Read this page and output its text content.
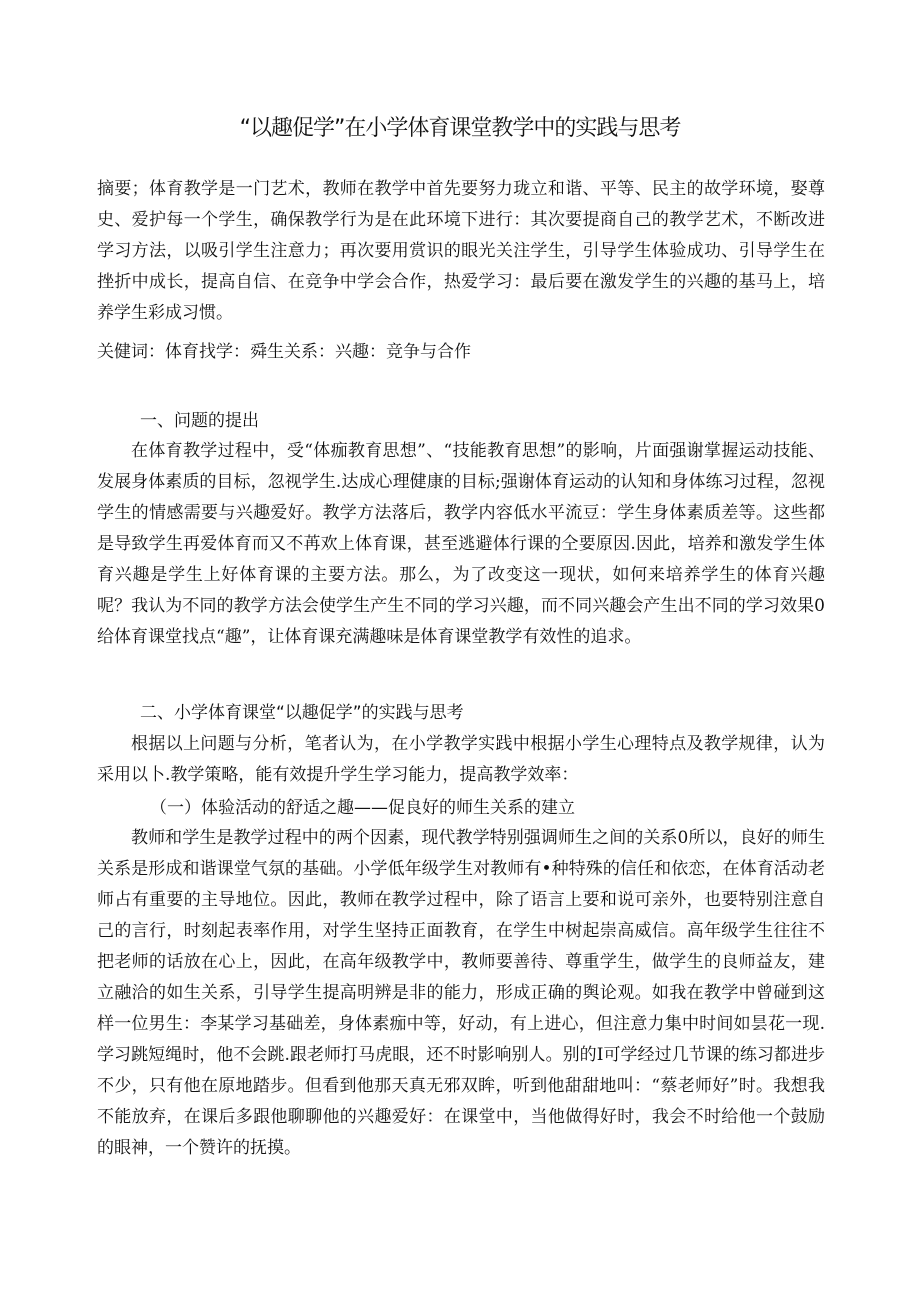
“以趣促学”在小学体育课堂教学中的实践与思考
摘要；体育教学是一门艺术，教师在教学中首先要努力珑立和谐、平等、民主的故学环境，娶尊史、爱护每一个学生，确保教学行为是在此环境下进行：其次要提商自己的教学艺术，不断改进学习方法，以吸引学生注意力；再次要用赏识的眼光关注学生，引导学生体验成功、引导学生在挫折中成长，提高自信、在竞争中学会合作，热爱学习：最后要在激发学生的兴趣的基马上，培养学生彩成习惯。
关健词：体育找学：舜生关系：兴趣：竞争与合作
一、问题的提出
在体育教学过程中，受“体痂教育思想”、“技能教育思想”的影响，片面强谢掌握运动技能、发展身体素质的目标，忽视学生.达成心理健康的目标;强谢体育运动的认知和身体练习过程，忽视学生的情感需要与兴趣爱好。教学方法落后，教学内容低水平流豆：学生身体素质差等。这些都是导致学生再爱体育而又不苒欢上体育课，甚至逃避体行课的仝要原因.因此，培养和激发学生体育兴趣是学生上好体育课的主要方法。那么，为了改变这一现状，如何来培养学生的体育兴趣呢？我认为不同的教学方法会使学生产生不同的学习兴趣，而不同兴趣会产生出不同的学习效果0给体育课堂找点“趣”，让体育课充满趣味是体育课堂教学有效性的追求。
二、小学体育课堂“以趣促学”的实践与思考
根据以上问题与分析，笔者认为，在小学教学实践中根据小学生心理特点及教学规律，认为采用以卜.教学策略，能有效提升学生学习能力，提高教学效率：
（一）体验活动的舒适之趣——促良好的师生关系的建立
教师和学生是教学过程中的两个因素，现代教学特别强调师生之间的关系0所以，良好的师生关系是形成和谐课堂气氛的基础。小学低年级学生对教师有•种特殊的信任和依恋，在体育活动老师占有重要的主导地位。因此，教师在教学过程中，除了语言上要和说可亲外，也要特别注意自己的言行，时刻起表率作用，对学生坚持正面教育，在学生中树起崇高威信。高年级学生往往不把老师的话放在心上，因此，在高年级教学中，教师要善待、尊重学生，做学生的良师益友，建立融洽的如生关系，引导学生提高明辨是非的能力，形成正确的舆论观。如我在教学中曾碰到这样一位男生：李某学习基础差，身体素痂中等，好动，有上进心，但注意力集中时间如昙花一现.学习跳短绳时，他不会跳.跟老师打马虎眼，还不时影响别人。别的I可学经过几节课的练习都进步不少，只有他在原地踏步。但看到他那天真无邪双眸，听到他甜甜地叫：“蔡老师好”时。我想我不能放弃，在课后多跟他聊聊他的兴趣爱好：在课堂中，当他做得好时，我会不时给他一个鼓励的眼神，一个赞许的抚摸。
